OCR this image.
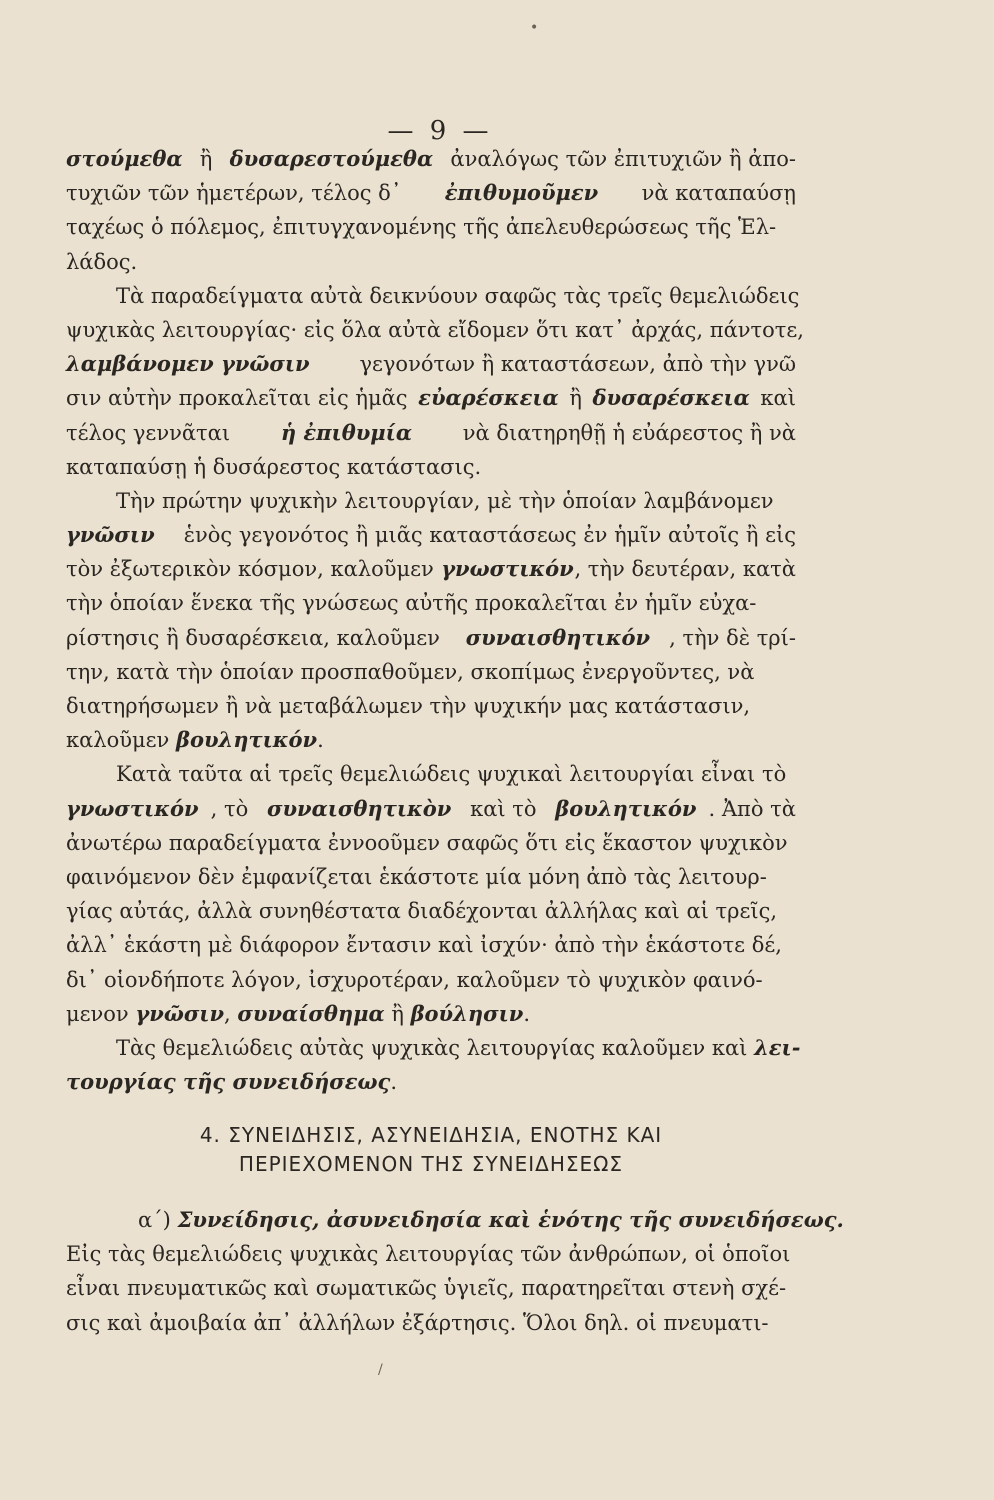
— 9 —
στούμεθα ἢ δυσαρεστούμεθα ἀναλόγως τῶν ἐπιτυχιῶν ἢ ἀπο-
τυχιῶν τῶν ἡμετέρων, τέλος δ᾽ ἐπιθυμοῦμεν νὰ καταπαύσῃ
ταχέως ὁ πόλεμος, ἐπιτυγχανομένης τῆς ἀπελευθερώσεως τῆς Ἑλ-
λάδος.
Τὰ παραδείγματα αὐτὰ δεικνύουν σαφῶς τὰς τρεῖς θεμελιώδεις
ψυχικὰς λειτουργίας· εἰς ὅλα αὐτὰ εἴδομεν ὅτι κατ᾽ ἀρχάς, πάντοτε,
λαμβάνομεν γνῶσιν γεγονότων ἢ καταστάσεων, ἀπὸ τὴν γνῶ
σιν αὐτὴν προκαλεῖται εἰς ἡμᾶς εὐαρέσκεια ἢ δυσαρέσκεια καὶ
τέλος γεννᾶται ἡ ἐπιθυμία νὰ διατηρηθῇ ἡ εὐάρεστος ἢ νὰ
καταπαύσῃ ἡ δυσάρεστος κατάστασις.
Τὴν πρώτην ψυχικὴν λειτουργίαν, μὲ τὴν ὁποίαν λαμβάνομεν
γνῶσιν ἑνὸς γεγονότος ἢ μιᾶς καταστάσεως ἐν ἡμῖν αὐτοῖς ἢ εἰς
τὸν ἐξωτερικὸν κόσμον, καλοῦμεν γνωστικόν , τὴν δευτέραν, κατὰ
τὴν ὁποίαν ἕνεκα τῆς γνώσεως αὐτῆς προκαλεῖται ἐν ἡμῖν εὐχα-
ρίστησις ἢ δυσαρέσκεια, καλοῦμεν συναισθητικόν , τὴν δὲ τρί-
την, κατὰ τὴν ὁποίαν προσπαθοῦμεν, σκοπίμως ἐνεργοῦντες, νὰ
διατηρήσωμεν ἢ νὰ μεταβάλωμεν τὴν ψυχικήν μας κατάστασιν,
καλοῦμεν βουλητικόν .
Κατὰ ταῦτα αἱ τρεῖς θεμελιώδεις ψυχικαὶ λειτουργίαι εἶναι τὸ
γνωστικόν , τὸ συναισθητικὸν καὶ τὸ βουλητικόν . Ἀπὸ τὰ
ἀνωτέρω παραδείγματα ἐννοοῦμεν σαφῶς ὅτι εἰς ἕκαστον ψυχικὸν
φαινόμενον δὲν ἐμφανίζεται ἑκάστοτε μία μόνη ἀπὸ τὰς λειτουρ-
γίας αὐτάς, ἀλλὰ συνηθέστατα διαδέχονται ἀλλήλας καὶ αἱ τρεῖς,
ἀλλ᾽ ἑκάστη μὲ διάφορον ἔντασιν καὶ ἰσχύν· ἀπὸ τὴν ἑκάστοτε δέ,
δι᾽ οἱονδήποτε λόγον, ἰσχυροτέραν, καλοῦμεν τὸ ψυχικὸν φαινό-
μενον γνῶσιν , συναίσθημα ἢ βούλησιν .
Τὰς θεμελιώδεις αὐτὰς ψυχικὰς λειτουργίας καλοῦμεν καὶ λει-
τουργίας τῆς συνειδήσεως .
4. ΣΥΝΕΙΔΗΣΙΣ, ΑΣΥΝΕΙΔΗΣΙΑ, ΕΝΟΤΗΣ ΚΑΙ
ΠΕΡΙΕΧΟΜΕΝΟΝ ΤΗΣ ΣΥΝΕΙΔΗΣΕΩΣ
α´) Συνείδησις, ἀσυνειδησία καὶ ἑνότης τῆς συνειδήσεως.
Εἰς τὰς θεμελιώδεις ψυχικὰς λειτουργίας τῶν ἀνθρώπων, οἱ ὁποῖοι
εἶναι πνευματικῶς καὶ σωματικῶς ὑγιεῖς, παρατηρεῖται στενὴ σχέ-
σις καὶ ἀμοιβαία ἀπ᾽ ἀλλήλων ἐξάρτησις. Ὅλοι δηλ. οἱ πνευματι-
•
/
